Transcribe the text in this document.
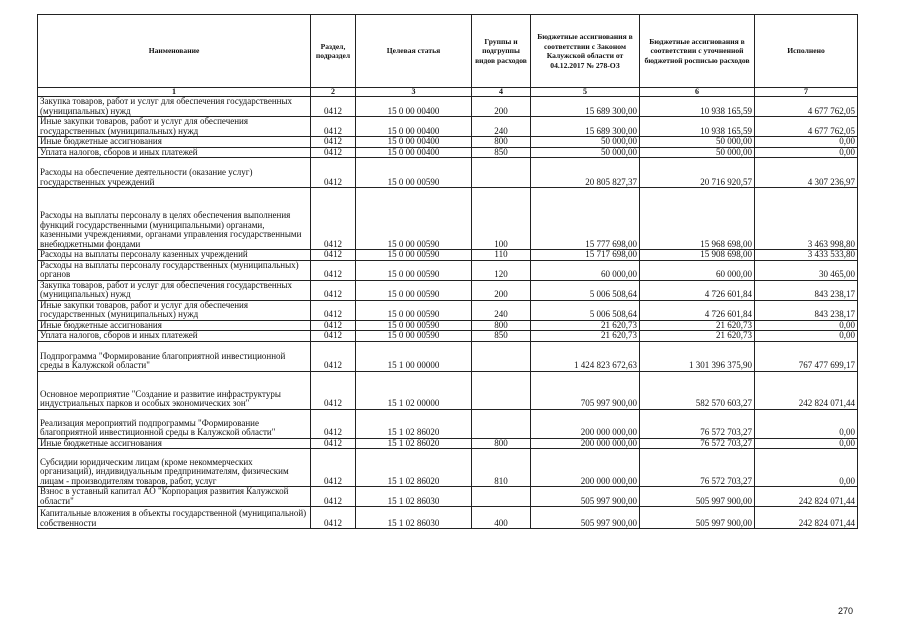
Наименование	Раздел, подраздел	Целевая статья	Группы и подгруппы видов расходов	Бюджетные ассигнования в соответствии с Законом Калужской области от 04.12.2017 № 278-ОЗ	Бюджетные ассигнования в соответствии с уточненной бюджетной росписью расходов	Исполнено
1	2	3	4	5	6	7
Закупка товаров, работ и услуг для обеспечения государственных (муниципальных) нужд	0412	15 0 00 00400	200	15 689 300,00	10 938 165,59	4 677 762,05
Иные закупки товаров, работ и услуг для обеспечения государственных (муниципальных) нужд	0412	15 0 00 00400	240	15 689 300,00	10 938 165,59	4 677 762,05
Иные бюджетные ассигнования	0412	15 0 00 00400	800	50 000,00	50 000,00	0,00
Уплата налогов, сборов и иных платежей	0412	15 0 00 00400	850	50 000,00	50 000,00	0,00
Расходы на обеспечение деятельности (оказание услуг) государственных учреждений	0412	15 0 00 00590		20 805 827,37	20 716 920,57	4 307 236,97
Расходы на выплаты персоналу в целях обеспечения выполнения функций государственными (муниципальными) органами, казенными учреждениями, органами управления государственными внебюджетными фондами	0412	15 0 00 00590	100	15 777 698,00	15 968 698,00	3 463 998,80
Расходы на выплаты персоналу казенных учреждений	0412	15 0 00 00590	110	15 717 698,00	15 908 698,00	3 433 533,80
Расходы на выплаты персоналу государственных (муниципальных) органов	0412	15 0 00 00590	120	60 000,00	60 000,00	30 465,00
Закупка товаров, работ и услуг для обеспечения государственных (муниципальных) нужд	0412	15 0 00 00590	200	5 006 508,64	4 726 601,84	843 238,17
Иные закупки товаров, работ и услуг для обеспечения государственных (муниципальных) нужд	0412	15 0 00 00590	240	5 006 508,64	4 726 601,84	843 238,17
Иные бюджетные ассигнования	0412	15 0 00 00590	800	21 620,73	21 620,73	0,00
Уплата налогов, сборов и иных платежей	0412	15 0 00 00590	850	21 620,73	21 620,73	0,00
Подпрограмма "Формирование благоприятной инвестиционной среды в Калужской области"	0412	15 1 00 00000		1 424 823 672,63	1 301 396 375,90	767 477 699,17
Основное мероприятие "Создание и развитие инфраструктуры индустриальных парков и особых экономических зон"	0412	15 1 02 00000		705 997 900,00	582 570 603,27	242 824 071,44
Реализация мероприятий подпрограммы "Формирование благоприятной инвестиционной среды в Калужской области"	0412	15 1 02 86020		200 000 000,00	76 572 703,27	0,00
Иные бюджетные ассигнования	0412	15 1 02 86020	800	200 000 000,00	76 572 703,27	0,00
Субсидии юридическим лицам (кроме некоммерческих организаций), индивидуальным предпринимателям, физическим лицам - производителям товаров, работ, услуг	0412	15 1 02 86020	810	200 000 000,00	76 572 703,27	0,00
Взнос в уставный капитал АО "Корпорация развития Калужской области"	0412	15 1 02 86030		505 997 900,00	505 997 900,00	242 824 071,44
Капитальные вложения в объекты государственной (муниципальной) собственности	0412	15 1 02 86030	400	505 997 900,00	505 997 900,00	242 824 071,44
270
